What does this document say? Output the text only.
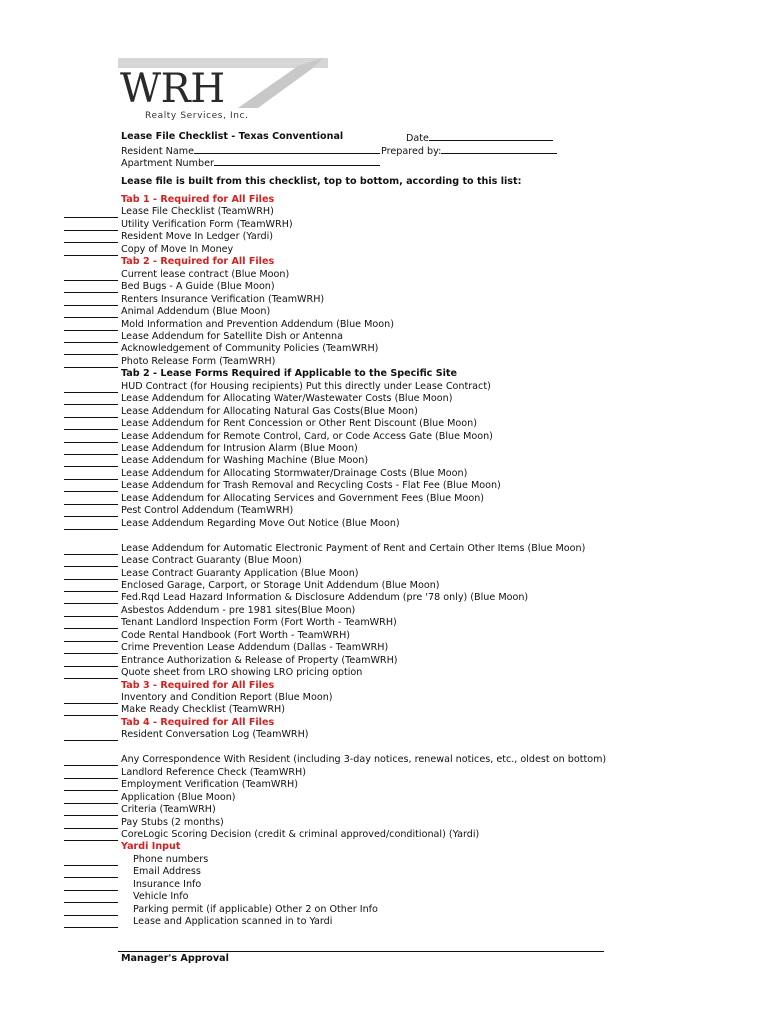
WRH
Realty Services, Inc.
Lease File Checklist - Texas Conventional	Date
Resident Name	Prepared by:
Apartment Number
Lease file is built from this checklist, top to bottom, according to this list:
Tab 1 - Required for All Files
Lease File Checklist (TeamWRH)
Utility Verification Form (TeamWRH)
Resident Move In Ledger (Yardi)
Copy of Move In Money
Tab 2 - Required for All Files
Current lease contract (Blue Moon)
Bed Bugs - A Guide (Blue Moon)
Renters Insurance Verification (TeamWRH)
Animal Addendum (Blue Moon)
Mold Information and Prevention Addendum (Blue Moon)
Lease Addendum for Satellite Dish or Antenna
Acknowledgement of Community Policies (TeamWRH)
Photo Release Form (TeamWRH)
Tab 2 - Lease Forms Required if Applicable to the Specific Site
HUD Contract (for Housing recipients) Put this directly under Lease Contract)
Lease Addendum for Allocating Water/Wastewater Costs (Blue Moon)
Lease Addendum for Allocating Natural Gas Costs(Blue Moon)
Lease Addendum for Rent Concession or Other Rent Discount (Blue Moon)
Lease Addendum for Remote Control, Card, or Code Access Gate (Blue Moon)
Lease Addendum for Intrusion Alarm (Blue Moon)
Lease Addendum for Washing Machine (Blue Moon)
Lease Addendum for Allocating Stormwater/Drainage Costs (Blue Moon)
Lease Addendum for Trash Removal and Recycling Costs - Flat Fee (Blue Moon)
Lease Addendum for Allocating Services and Government Fees (Blue Moon)
Pest Control Addendum (TeamWRH)
Lease Addendum Regarding Move Out Notice (Blue Moon)
Lease Addendum for Automatic Electronic Payment of Rent and Certain Other Items (Blue Moon)
Lease Contract Guaranty (Blue Moon)
Lease Contract Guaranty Application (Blue Moon)
Enclosed Garage, Carport, or Storage Unit Addendum (Blue Moon)
Fed.Rqd Lead Hazard Information & Disclosure Addendum (pre '78 only) (Blue Moon)
Asbestos Addendum - pre 1981 sites(Blue Moon)
Tenant Landlord Inspection Form (Fort Worth - TeamWRH)
Code Rental Handbook (Fort Worth - TeamWRH)
Crime Prevention Lease Addendum (Dallas - TeamWRH)
Entrance Authorization & Release of Property (TeamWRH)
Quote sheet from LRO showing LRO pricing option
Tab 3 - Required for All Files
Inventory and Condition Report (Blue Moon)
Make Ready Checklist (TeamWRH)
Tab 4 - Required for All Files
Resident Conversation Log (TeamWRH)
Any Correspondence With Resident (including 3-day notices, renewal notices, etc., oldest on bottom)
Landlord Reference Check (TeamWRH)
Employment Verification (TeamWRH)
Application (Blue Moon)
Criteria (TeamWRH)
Pay Stubs (2 months)
CoreLogic Scoring Decision (credit & criminal approved/conditional) (Yardi)
Yardi Input
Phone numbers
Email Address
Insurance Info
Vehicle Info
Parking permit (if applicable) Other 2 on Other Info
Lease and Application scanned in to Yardi
Manager's Approval
